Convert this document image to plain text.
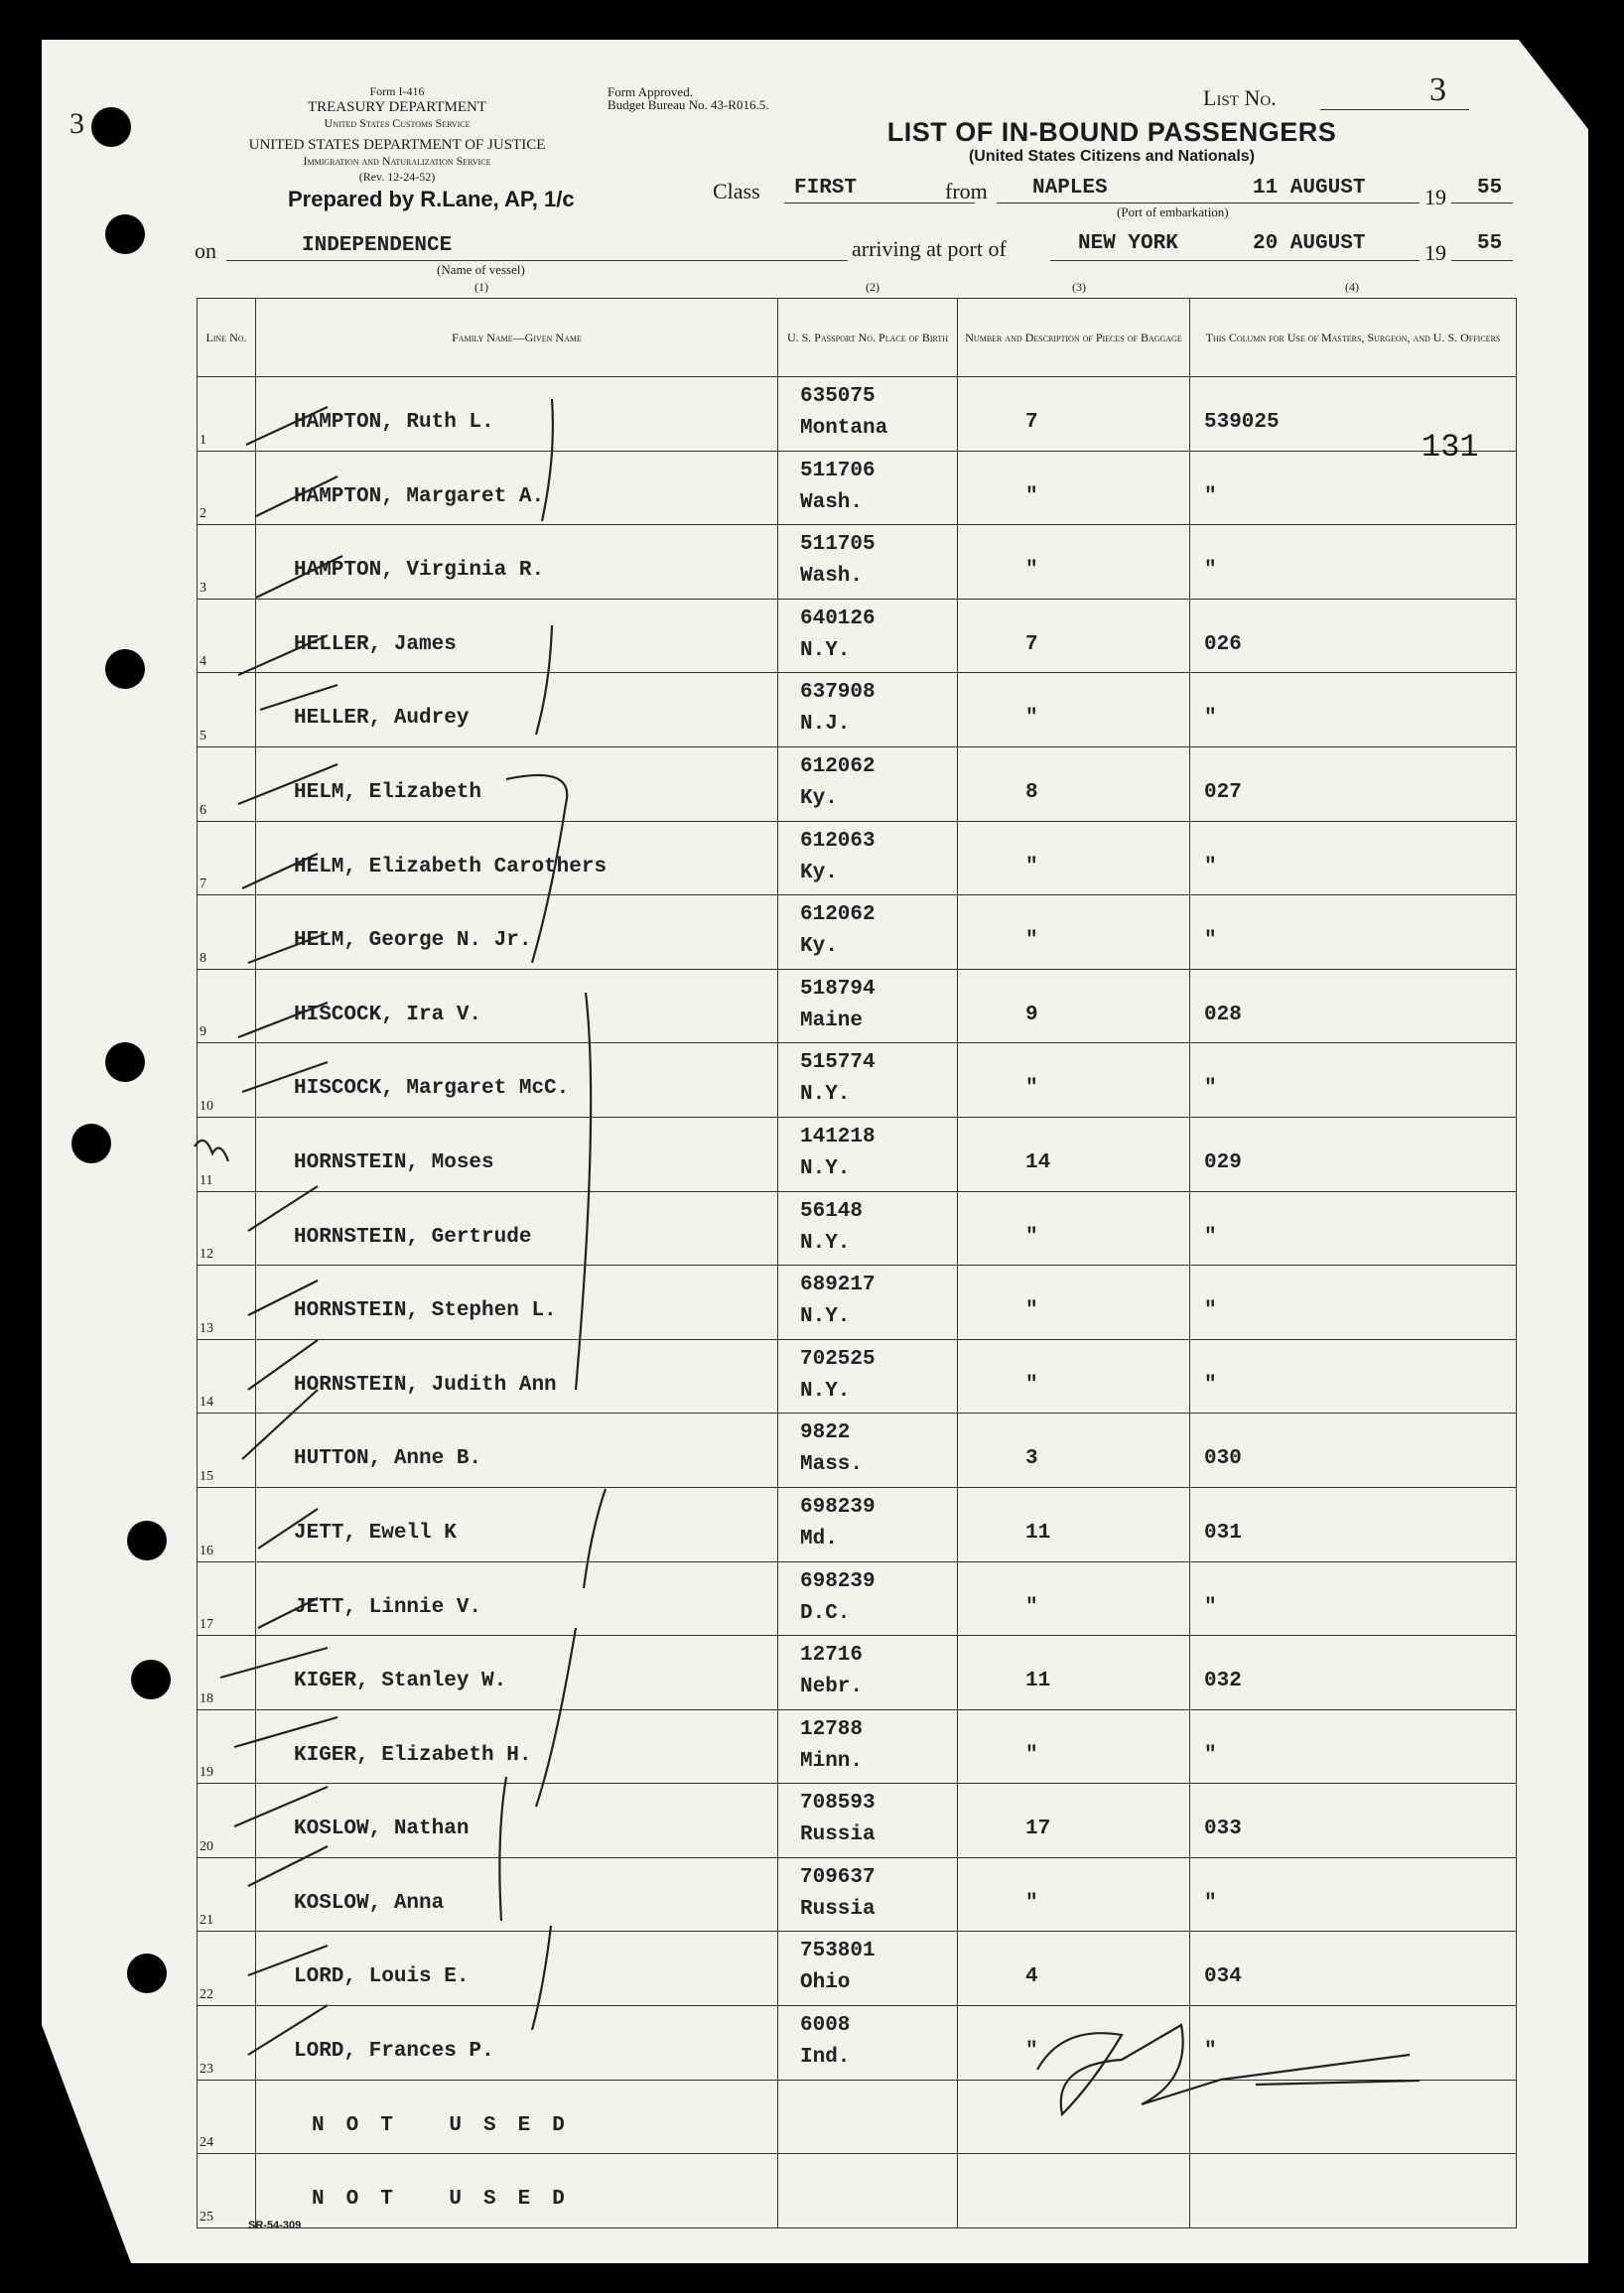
3
Form I-416
TREASURY DEPARTMENT
United States Customs Service
UNITED STATES DEPARTMENT OF JUSTICE
Immigration and Naturalization Service
(Rev. 12-24-52)
Form Approved.
Budget Bureau No. 43-R016.5.	List No.	3
LIST OF IN-BOUND PASSENGERS
(United States Citizens and Nationals)
Prepared by R.Lane, AP, 1/c	Class FIRST	from NAPLES	11 AUGUST
(Port of embarkation)
19 55
on	INDEPENDENCE
(Name of vessel)
arriving at port of	NEW YORK	20 AUGUST	19 55
(1)	(2)	(3)	(4)
Line No.	Family Name—Given Name	U. S. Passport No. Place of Birth	Number and Description of Pieces of Baggage	This Column for Use of Masters, Surgeon, and U. S. Officers

1	HAMPTON, Ruth L.	635075
Montana	7	539025

2	HAMPTON, Margaret A.	511706
Wash.	"	"

3	HAMPTON, Virginia R.	511705
Wash.	"	"

4	HELLER, James	640126
N.Y.	7	026

5	HELLER, Audrey	637908
N.J.	"	"

6	HELM, Elizabeth	612062
Ky.	8	027

7	HELM, Elizabeth Carothers	612063
Ky.	"	"

8	HELM, George N. Jr.	612062
Ky.	"	"

9	HISCOCK, Ira V.	518794
Maine	9	028

10	HISCOCK, Margaret McC.	515774
N.Y.	"	"

11	HORNSTEIN, Moses	141218
N.Y.	14	029

12	HORNSTEIN, Gertrude	56148
N.Y.	"	"

13	HORNSTEIN, Stephen L.	689217
N.Y.	"	"

14	HORNSTEIN, Judith Ann	702525
N.Y.	"	"

15	HUTTON, Anne B.	9822
Mass.	3	030

16	JETT, Ewell K	698239
Md.	11	031

17	JETT, Linnie V.	698239
D.C.	"	"

18	KIGER, Stanley W.	12716
Nebr.	11	032

19	KIGER, Elizabeth H.	12788
Minn.	"	"

20	KOSLOW, Nathan	708593
Russia	17	033

21	KOSLOW, Anna	709637
Russia	"	"

22	LORD, Louis E.	753801
Ohio	4	034

23	LORD, Frances P.	6008
Ind.	"	"

24	NOT USED			

25	NOT USED			

131
SR-54-309
